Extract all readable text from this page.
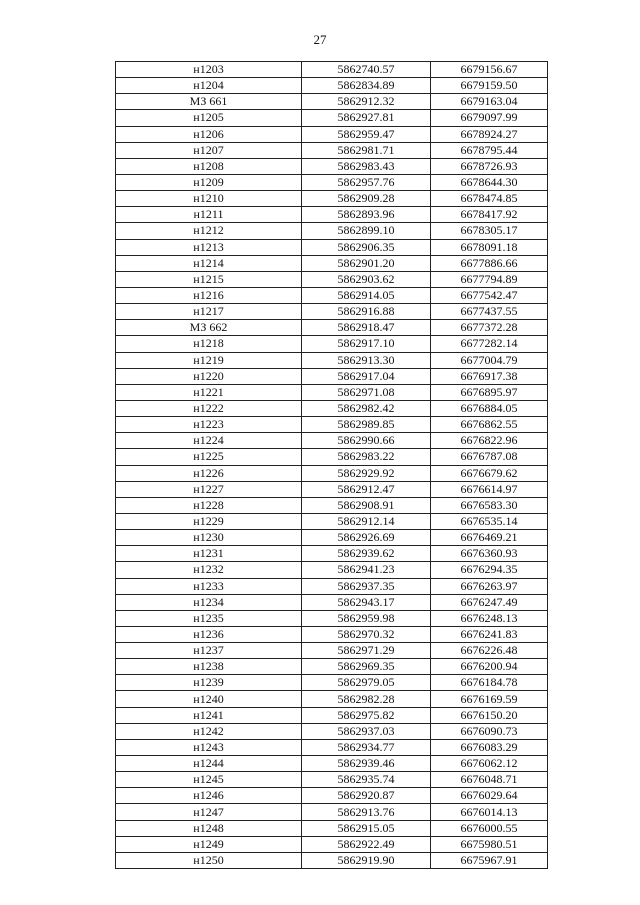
27
н1203	5862740.57	6679156.67
н1204	5862834.89	6679159.50
МЗ 661	5862912.32	6679163.04
н1205	5862927.81	6679097.99
н1206	5862959.47	6678924.27
н1207	5862981.71	6678795.44
н1208	5862983.43	6678726.93
н1209	5862957.76	6678644.30
н1210	5862909.28	6678474.85
н1211	5862893.96	6678417.92
н1212	5862899.10	6678305.17
н1213	5862906.35	6678091.18
н1214	5862901.20	6677886.66
н1215	5862903.62	6677794.89
н1216	5862914.05	6677542.47
н1217	5862916.88	6677437.55
МЗ 662	5862918.47	6677372.28
н1218	5862917.10	6677282.14
н1219	5862913.30	6677004.79
н1220	5862917.04	6676917.38
н1221	5862971.08	6676895.97
н1222	5862982.42	6676884.05
н1223	5862989.85	6676862.55
н1224	5862990.66	6676822.96
н1225	5862983.22	6676787.08
н1226	5862929.92	6676679.62
н1227	5862912.47	6676614.97
н1228	5862908.91	6676583.30
н1229	5862912.14	6676535.14
н1230	5862926.69	6676469.21
н1231	5862939.62	6676360.93
н1232	5862941.23	6676294.35
н1233	5862937.35	6676263.97
н1234	5862943.17	6676247.49
н1235	5862959.98	6676248.13
н1236	5862970.32	6676241.83
н1237	5862971.29	6676226.48
н1238	5862969.35	6676200.94
н1239	5862979.05	6676184.78
н1240	5862982.28	6676169.59
н1241	5862975.82	6676150.20
н1242	5862937.03	6676090.73
н1243	5862934.77	6676083.29
н1244	5862939.46	6676062.12
н1245	5862935.74	6676048.71
н1246	5862920.87	6676029.64
н1247	5862913.76	6676014.13
н1248	5862915.05	6676000.55
н1249	5862922.49	6675980.51
н1250	5862919.90	6675967.91
